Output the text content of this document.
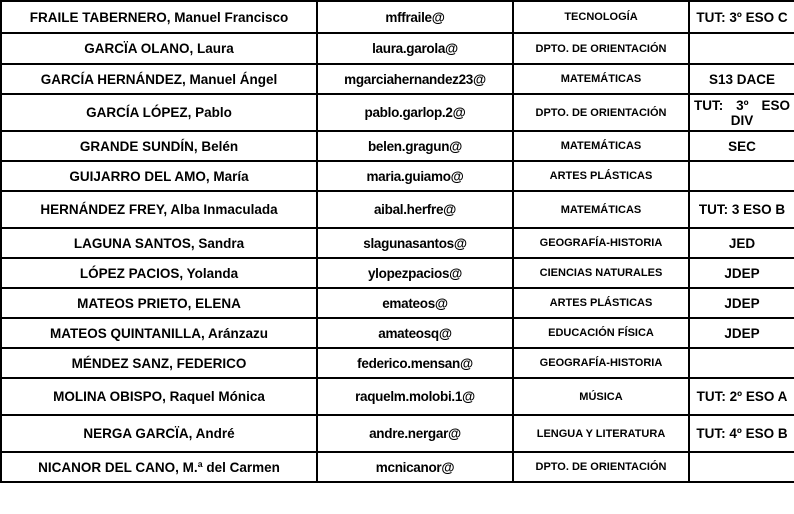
FRAILE TABERNERO, Manuel Francisco	mffraile@	TECNOLOGÍA	TUT: 3º ESO C
GARCÏA OLANO, Laura	laura.garola@	DPTO. DE ORIENTACIÓN	
GARCÍA HERNÁNDEZ, Manuel Ángel	mgarciahernandez23@	MATEMÁTICAS	S13 DACE
GARCÍA LÓPEZ, Pablo	pablo.garlop.2@	DPTO. DE ORIENTACIÓN	TUT: 3º ESO DIV
GRANDE SUNDÍN, Belén	belen.gragun@	MATEMÁTICAS	SEC
GUIJARRO DEL AMO, María	maria.guiamo@	ARTES PLÁSTICAS	
HERNÁNDEZ FREY, Alba Inmaculada	aibal.herfre@	MATEMÁTICAS	TUT: 3 ESO B
LAGUNA SANTOS, Sandra	slagunasantos@	GEOGRAFÍA-HISTORIA	JED
LÓPEZ PACIOS, Yolanda	ylopezpacios@	CIENCIAS NATURALES	JDEP
MATEOS PRIETO, ELENA	emateos@	ARTES PLÁSTICAS	JDEP
MATEOS QUINTANILLA, Aránzazu	amateosq@	EDUCACIÓN FÍSICA	JDEP
MÉNDEZ SANZ, FEDERICO	federico.mensan@	GEOGRAFÍA-HISTORIA	
MOLINA OBISPO, Raquel Mónica	raquelm.molobi.1@	MÚSICA	TUT: 2º ESO A
NERGA GARCÏA, André	andre.nergar@	LENGUA Y LITERATURA	TUT: 4º ESO B
NICANOR DEL CANO, M.ª del Carmen	mcnicanor@	DPTO. DE ORIENTACIÓN	
